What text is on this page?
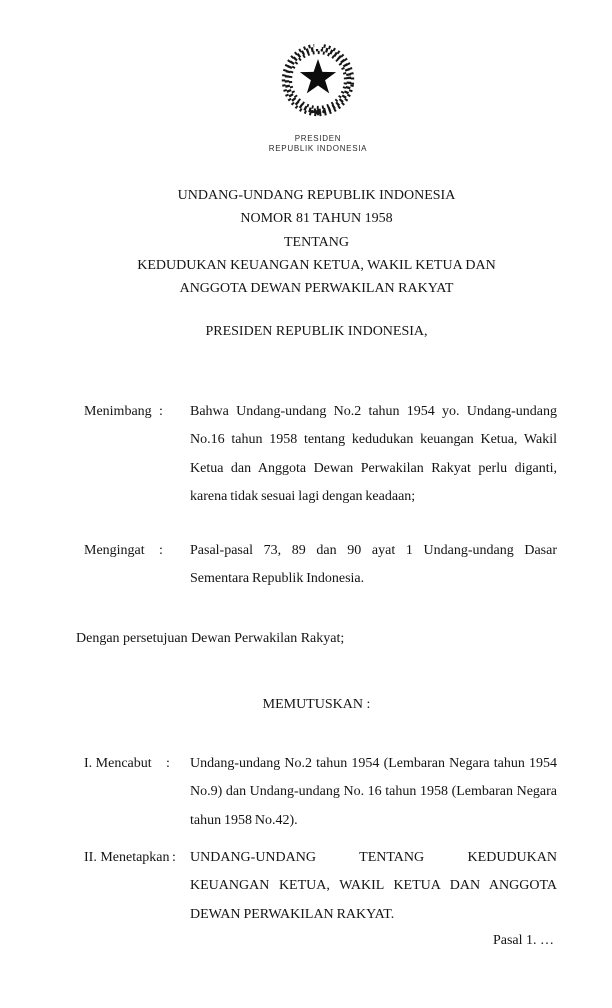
PRESIDEN
REPUBLIK INDONESIA
UNDANG-UNDANG REPUBLIK INDONESIA
NOMOR 81 TAHUN 1958
TENTANG
KEDUDUKAN KEUANGAN KETUA, WAKIL KETUA DAN
ANGGOTA DEWAN PERWAKILAN RAKYAT
PRESIDEN REPUBLIK INDONESIA,
Menimbang : Bahwa Undang-undang No.2 tahun 1954 yo. Undang-undang No.16 tahun 1958 tentang kedudukan keuangan Ketua, Wakil Ketua dan Anggota Dewan Perwakilan Rakyat perlu diganti, karena tidak sesuai lagi dengan keadaan;
Mengingat : Pasal-pasal 73, 89 dan 90 ayat 1 Undang-undang Dasar Sementara Republik Indonesia.
Dengan persetujuan Dewan Perwakilan Rakyat;
MEMUTUSKAN :
I. Mencabut : Undang-undang No.2 tahun 1954 (Lembaran Negara tahun 1954 No.9) dan Undang-undang No. 16 tahun 1958 (Lembaran Negara tahun 1958 No.42).
II. Menetapkan : UNDANG-UNDANG TENTANG KEDUDUKAN KEUANGAN KETUA, WAKIL KETUA DAN ANGGOTA DEWAN PERWAKILAN RAKYAT.
Pasal 1. …
